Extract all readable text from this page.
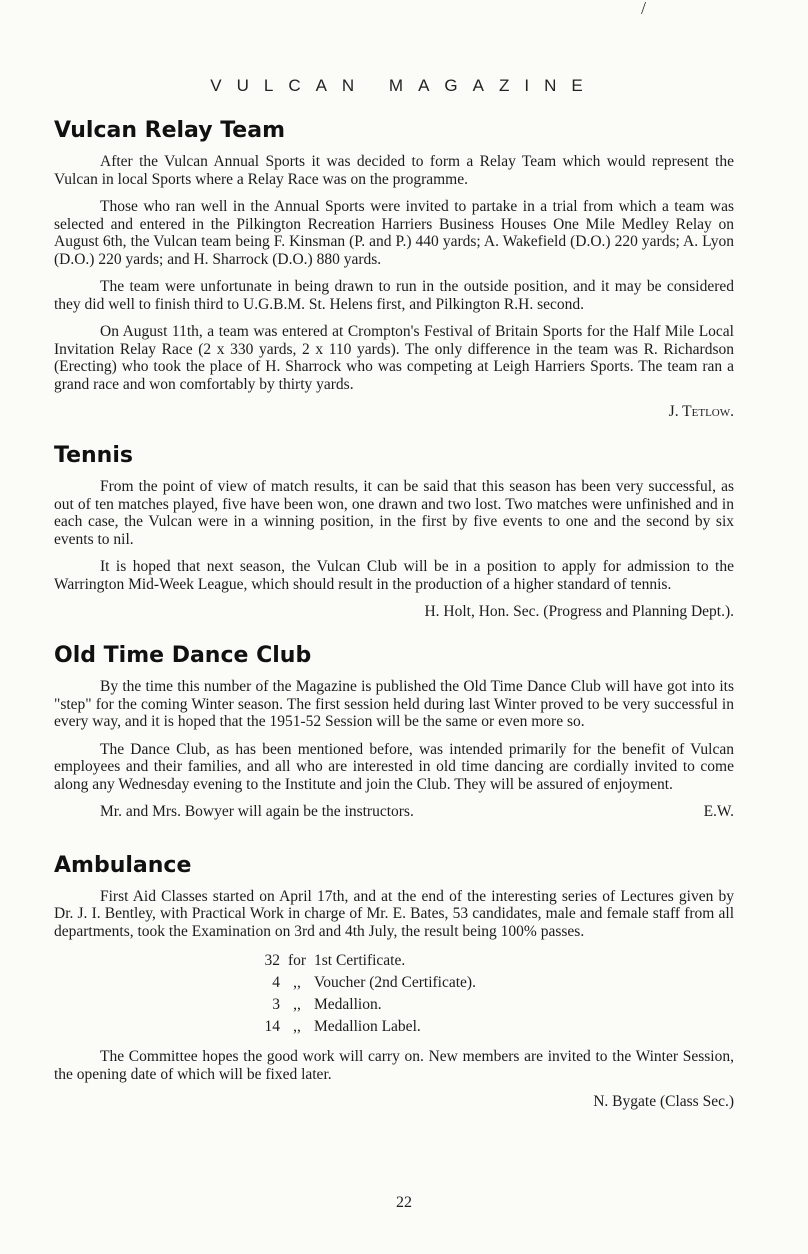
/
VULCAN MAGAZINE
Vulcan Relay Team

After the Vulcan Annual Sports it was decided to form a Relay Team which would represent the Vulcan in local Sports where a Relay Race was on the programme.

Those who ran well in the Annual Sports were invited to partake in a trial from which a team was selected and entered in the Pilkington Recreation Harriers Business Houses One Mile Medley Relay on August 6th, the Vulcan team being F. Kinsman (P. and P.) 440 yards; A. Wakefield (D.O.) 220 yards; A. Lyon (D.O.) 220 yards; and H. Sharrock (D.O.) 880 yards.

The team were unfortunate in being drawn to run in the outside position, and it may be considered they did well to finish third to U.G.B.M. St. Helens first, and Pilkington R.H. second.

On August 11th, a team was entered at Crompton's Festival of Britain Sports for the Half Mile Local Invitation Relay Race (2 x 330 yards, 2 x 110 yards). The only difference in the team was R. Richardson (Erecting) who took the place of H. Sharrock who was competing at Leigh Harriers Sports. The team ran a grand race and won comfortably by thirty yards.

J. Tetlow.
Tennis

From the point of view of match results, it can be said that this season has been very successful, as out of ten matches played, five have been won, one drawn and two lost. Two matches were unfinished and in each case, the Vulcan were in a winning position, in the first by five events to one and the second by six events to nil.

It is hoped that next season, the Vulcan Club will be in a position to apply for admission to the Warrington Mid-Week League, which should result in the production of a higher standard of tennis.

H. Holt, Hon. Sec. (Progress and Planning Dept.).
Old Time Dance Club

By the time this number of the Magazine is published the Old Time Dance Club will have got into its "step" for the coming Winter season. The first session held during last Winter proved to be very successful in every way, and it is hoped that the 1951-52 Session will be the same or even more so.

The Dance Club, as has been mentioned before, was intended primarily for the benefit of Vulcan employees and their families, and all who are interested in old time dancing are cordially invited to come along any Wednesday evening to the Institute and join the Club. They will be assured of enjoyment.

E.W.
Mr. and Mrs. Bowyer will again be the instructors.

Ambulance

First Aid Classes started on April 17th, and at the end of the interesting series of Lectures given by Dr. J. I. Bentley, with Practical Work in charge of Mr. E. Bates, 53 candidates, male and female staff from all departments, took the Examination on 3rd and 4th July, the result being 100% passes.

32 for 1st Certificate.
4 ,, Voucher (2nd Certificate).
3 ,, Medallion.
14 ,, Medallion Label.

The Committee hopes the good work will carry on. New members are invited to the Winter Session, the opening date of which will be fixed later.

N. Bygate (Class Sec.)
22
